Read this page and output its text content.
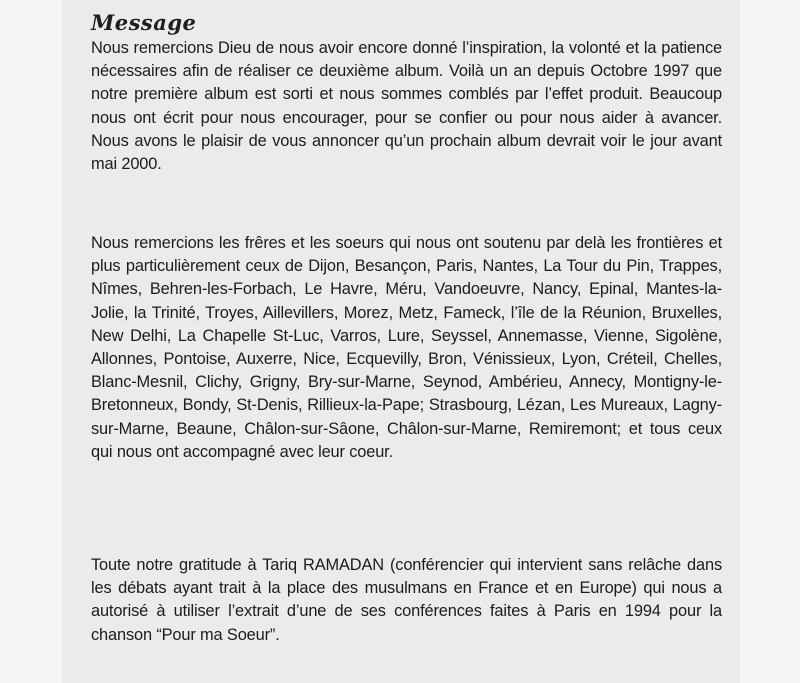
Message

Nous remercions Dieu de nous avoir encore donné l’inspiration, la volonté et la patience nécessaires afin de réaliser ce deuxième album. Voilà un an depuis Octobre 1997 que notre première album est sorti et nous sommes comblés par l’effet produit. Beaucoup nous ont écrit pour nous encourager, pour se confier ou pour nous aider à avancer. Nous avons le plaisir de vous annoncer qu’un prochain album devrait voir le jour avant mai 2000.

Nous remercions les frêres et les soeurs qui nous ont soutenu par delà les frontières et plus particulièrement ceux de Dijon, Besançon, Paris, Nantes, La Tour du Pin, Trappes, Nîmes, Behren-les-Forbach, Le Havre, Méru, Vandoeuvre, Nancy, Epinal, Mantes-la-Jolie, la Trinité, Troyes, Aillevillers, Morez, Metz, Fameck, l’île de la Réunion, Bruxelles, New Delhi, La Chapelle St-Luc, Varros, Lure, Seyssel, Annemasse, Vienne, Sigolène, Allonnes, Pontoise, Auxerre, Nice, Ecquevilly, Bron, Vénissieux, Lyon, Créteil, Chelles, Blanc-Mesnil, Clichy, Grigny, Bry-sur-Marne, Seynod, Ambérieu, Annecy, Montigny-le-Bretonneux, Bondy, St-Denis, Rillieux-la-Pape; Strasbourg, Lézan, Les Mureaux, Lagny-sur-Marne, Beaune, Châlon-sur-Sâone, Châlon-sur-Marne, Remiremont; et tous ceux qui nous ont accompagné avec leur coeur.

Toute notre gratitude à Tariq RAMADAN (conférencier qui intervient sans relâche dans les débats ayant trait à la place des musulmans en France et en Europe) qui nous a autorisé à utiliser l’extrait d’une de ses conférences faites à Paris en 1994 pour la chanson “Pour ma Soeur”.
